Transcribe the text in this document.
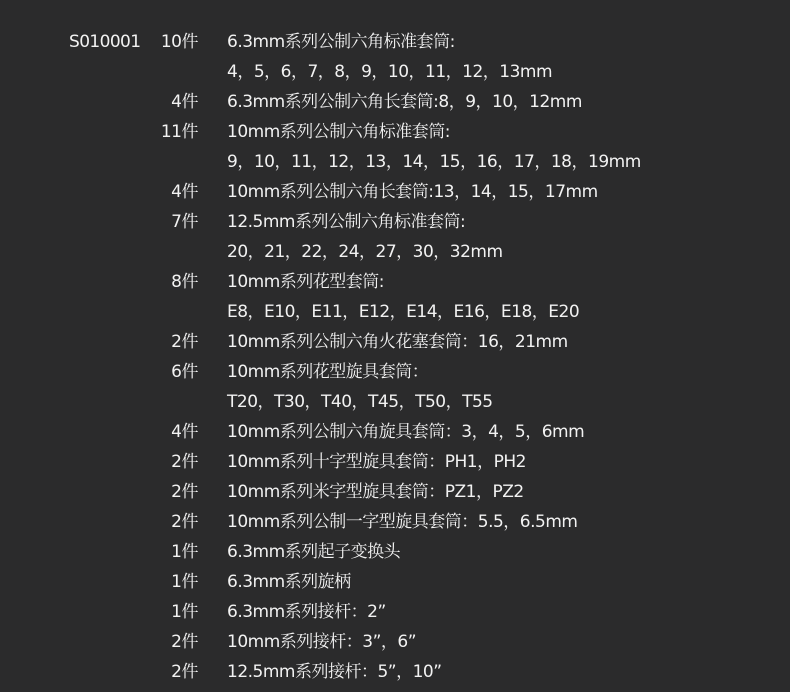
S010001	10件 6.3mm系列公制六角标准套筒:
4，5，6，7，8，9，10，11，12，13mm
4件 6.3mm系列公制六角长套筒:8，9，10，12mm
11件 10mm系列公制六角标准套筒:
9，10，11，12，13，14，15，16，17，18，19mm
4件 10mm系列公制六角长套筒:13，14，15，17mm
7件 12.5mm系列公制六角标准套筒:
20，21，22，24，27，30，32mm
8件 10mm系列花型套筒:
E8，E10，E11，E12，E14，E16，E18，E20
2件 10mm系列公制六角火花塞套筒：16，21mm
6件 10mm系列花型旋具套筒：
T20，T30，T40，T45，T50，T55
4件 10mm系列公制六角旋具套筒：3，4，5，6mm
2件 10mm系列十字型旋具套筒：PH1，PH2
2件 10mm系列米字型旋具套筒：PZ1，PZ2
2件 10mm系列公制一字型旋具套筒：5.5，6.5mm
1件 6.3mm系列起子变换头
1件 6.3mm系列旋柄
1件 6.3mm系列接杆：2”
2件 10mm系列接杆：3”，6”
2件 12.5mm系列接杆：5”，10”
